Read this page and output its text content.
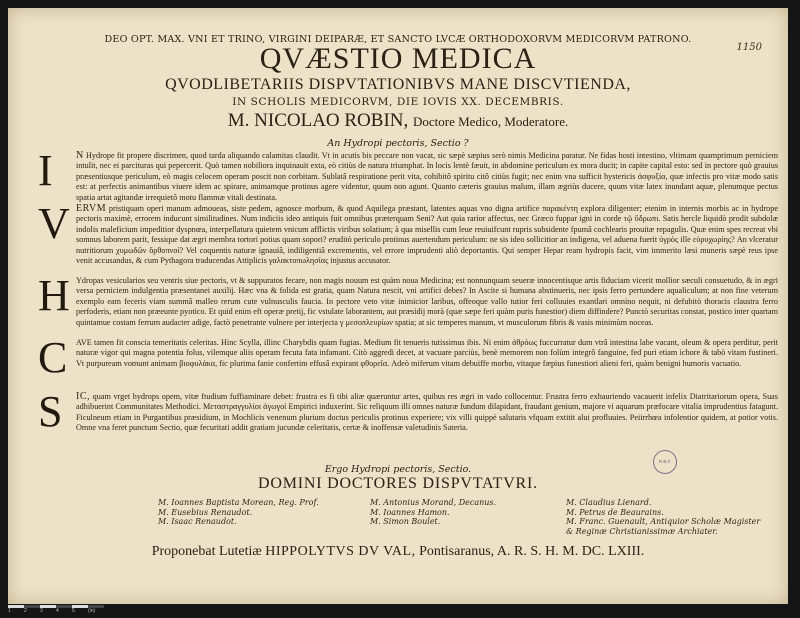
1150
DEO OPT. MAX. VNI ET TRINO, VIRGINI DEIPARÆ, ET SANCTO LVCÆ ORTHODOXORVM MEDICORVM PATRONO.
QVÆSTIO MEDICA
QVODLIBETARIIS DISPVTATIONIBVS MANE DISCVTIENDA,
IN SCHOLIS MEDICORVM, DIE IOVIS XX. DECEMBRIS.
M. NICOLAO ROBIN, Doctore Medico, Moderatore.
An Hydropi pectoris, Sectio ?
I N Hydrope fit propere discrimen, quod tarda aliquando calamitas claudit. Vt in acutis bis peccare non vacat, sic sæpè sæpius serò nimis Medicina paratur. Ne fidas hosti intestino, vltimam quamprimum perniciem intulit, nec ei parcituras qui pepercerit. Quò tamen nobiliora inquinauit exta, eò citiùs de natura triumphat. In locis lentè fæuit, in abdomine periculum ex mora ducit; in capite capital esto: sed in pectore quò grauius præsentiusque periculum, eò magis celocem operam poscit non corbitam. Sublatâ respiratione perit vita, cohibitô spiritu citô citiùs fugit; nec enim vna sufficit hystericis ἀσφυξία, quæ infectis pro vitæ modo satis est: at perfectis animantibus viuere idem ac spirare, animamque protinus agere videntur, quum non agunt. Quanto cæteris grauius malum, illam ægriùs ducere, quum vitæ latex inundant aquæ, plenumque pectus spatia artat agitandæ irrequietô motu flammæ vitali destinata.
V ERVM pristiquam operi manum admoueas, siste pedem, agnosce morbum, & quod Aquilega præstant, latentes aquas vno digna artifice παρακέντη explora diligenter; etenim in internis morbis ac in hydrope pectoris maximè, errorem inducunt similitudines. Num indiciis ideo antiquis fuit omnibus præterquam Seni? Aut quia rarior affectus, nec Græco fuppar igni in corde τῷ ὕδρωπι. Satis hercle liquidò prodit subdolæ indolis maleficium impeditior dyspnœa, interpellatura quietem vnicum afflictis viribus solatium; à qua misellis cum leue reuiuifcunt rupris subsidente fpumâ cochlearis prouitæ repagulis. Quæ enim spes recreat vbi somnus laborem parit, fessique dat ægri membra tortori potius quam sopori? eruditò periculo protinus auertendum periculum: ne sis ideo sollicitior an indigena, vel aduena fuerit ὑγρὸς ille εὐρυχωρίης? An vlceratur nutritiorum χυμωδῶν ὄρθοπνοί? Vel coquentis naturæ ignauiâ, indiligentiâ excrementis, vel errore imprudenti aliò deportantis. Qui semper Hepar ream hydropis facit, vim immerito læsi muneris sæpè reus ipse venit accusandus, & cum Pythagora traducendas Attiplicis γαλακτοπωλησίας injustus accusator.
H Ydropas vesicularios seu ventris siue pectoris, vt & suppuratos fecare, non magis nouum est quàm noua Medicina; est nonnunquam seueræ innocentisque artis fiduciam vicerit mollior sæculi consuetudo, & in ægri versa perniciem indulgentia præsentanei auxilij. Hæc vna & folida est gratia, quam Natura nescit, vni artifici debes? In Ascite si humana abstinueris, nec ipsis ferro pertundere aqualiculum; at non fine veterum exemplo eam feceris viam summâ malleo rerum cute vulnusculis faucia. In pectore veto vitæ inimicior laribus, offeoque vallo tutior feri colluuies exantlari omnino nequit, ni defubitò thoracis claustra ferro perfoderis, etiam non præeunte pyotico. Et quid enim eft operæ pretij, fic vstulate laborantem, aut præsidij morà (quæ sæpe feri quàm puris funestior) diem diffindere? Punctò securitas constat, postico inter quartam quintamue costam ferrum audacter adige, factò penetrante vulnere per interjecta γ μεσοπλευρίων spatia; at sic temperes manum, vt musculorum fibris & vasis minimùm noceas.
C AVE tamen fit conscia temeritatis celeritas. Hinc Scylla, illinc Charybdis quam fugias. Medium fit tenueris tutissimus ibis. Ni enim ἀθρόως fuccurratur dum vtrâ intestina labe vacant, oleum & opera perditur, perit naturæ vigor qui magna potentia folus, vilemque aliis operam fecuta fata infamant. Citò aggredi decet, at vacuare parciùs, benè memorem non folùm integrô fanguine, fed puri etiam ichore & tabò vitam fustineri. Vt purpuream vomunt animam βιοφυλάκα, fic plurima fanie confertim effusâ expirant φθορεῖα. Adeò miferum vitam debuiffe morbo, vitaque fæpius funestiori alieni feri, quàm benigni humoris vacuatio.
S IC, quam vrget hydrops opem, vitæ ftudium fuffiaminare debet: frustra es fi tibi aliæ quæruntur artes, quibus res ægri in vado collocentur. Frustra ferro exhauriendo vacauerit infelix Diatritariorum opera, Suas adhibuerint Communitates Methodici. Μεταστραγγυλίοι ἀγωγοί Empirici induxerint. Sic reliquum illi omnes naturæ fundum dilapidant, fraudant genium, majore vi aquarum præfocare vitalia imprudentius fatagunt. Ficulneum etiam in Purgantibus præsidium, in Mochlicis venenum plurium doctus periculis protinus experiere; vix villi quippè salutaris vfquam extitit alui profluuies. Peiirrhœa infolentior quidem, at potior votis. Omne vna feret punctum Sectio, quæ fecuritati addit gratiam jucundæ celeritatis, certæ & inoffensæ valetudinis Sateria.
Ergo Hydropi pectoris, Sectio.
DOMINI DOCTORES DISPVTATVRI.
M. Ioannes Baptista Morean, Reg. Prof.
M. Eusebius Renaudot.
M. Isaac Renaudot.
M. Antonius Morand, Decanus.
M. Ioannes Hamon.
M. Simon Boulet.
M. Claudius Lienard.
M. Petrus de Beaurains.
M. Franc. Guenault, Antiquior Scholæ Magister
& Reginæ Christianissimæ Archiater.
R.B.F.
Proponebat Lutetiæ HIPPOLYTVS DV VAL, Pontisaranus, A. R. S. H. M. DC. LXIII.
1	2	3	4	5	(in)
